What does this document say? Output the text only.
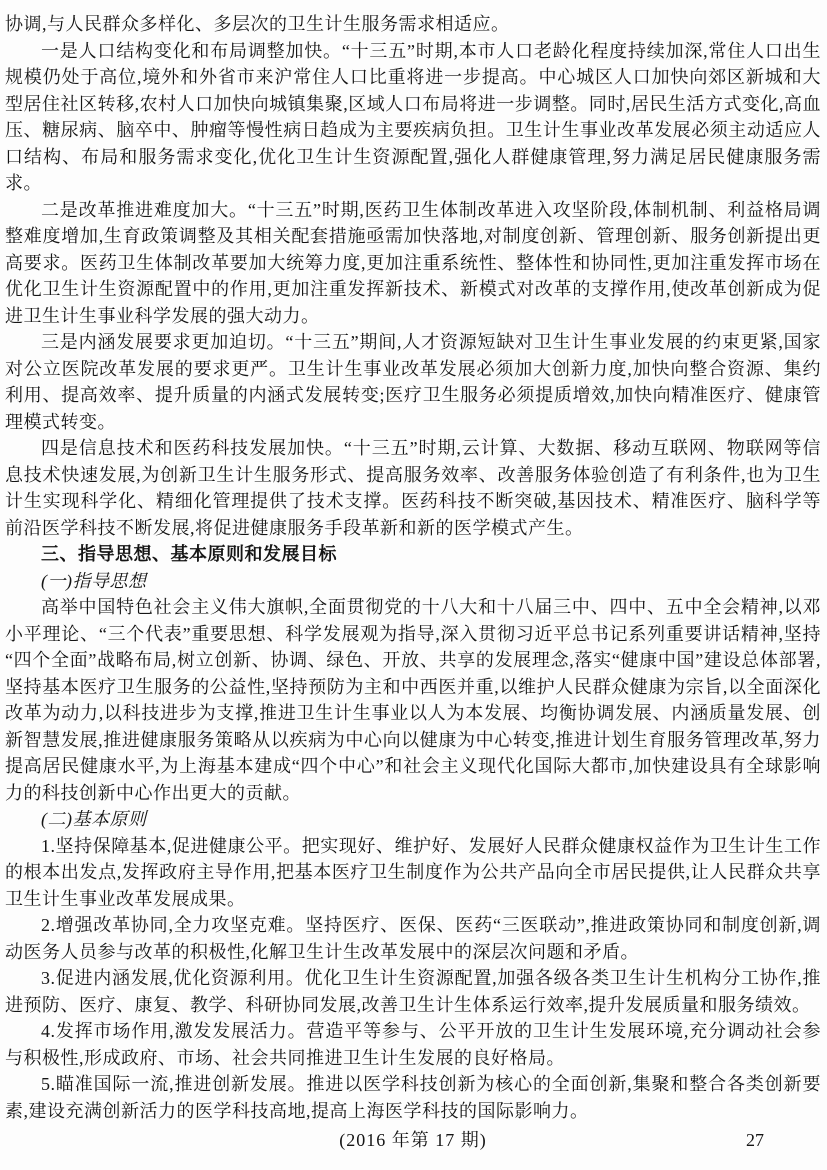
协调,与人民群众多样化、多层次的卫生计生服务需求相适应。

一是人口结构变化和布局调整加快。“十三五”时期,本市人口老龄化程度持续加深,常住人口出生规模仍处于高位,境外和外省市来沪常住人口比重将进一步提高。中心城区人口加快向郊区新城和大型居住社区转移,农村人口加快向城镇集聚,区域人口布局将进一步调整。同时,居民生活方式变化,高血压、糖尿病、脑卒中、肿瘤等慢性病日趋成为主要疾病负担。卫生计生事业改革发展必须主动适应人口结构、布局和服务需求变化,优化卫生计生资源配置,强化人群健康管理,努力满足居民健康服务需求。

二是改革推进难度加大。“十三五”时期,医药卫生体制改革进入攻坚阶段,体制机制、利益格局调整难度增加,生育政策调整及其相关配套措施亟需加快落地,对制度创新、管理创新、服务创新提出更高要求。医药卫生体制改革要加大统筹力度,更加注重系统性、整体性和协同性,更加注重发挥市场在优化卫生计生资源配置中的作用,更加注重发挥新技术、新模式对改革的支撑作用,使改革创新成为促进卫生计生事业科学发展的强大动力。

三是内涵发展要求更加迫切。“十三五”期间,人才资源短缺对卫生计生事业发展的约束更紧,国家对公立医院改革发展的要求更严。卫生计生事业改革发展必须加大创新力度,加快向整合资源、集约利用、提高效率、提升质量的内涵式发展转变;医疗卫生服务必须提质增效,加快向精准医疗、健康管理模式转变。

四是信息技术和医药科技发展加快。“十三五”时期,云计算、大数据、移动互联网、物联网等信息技术快速发展,为创新卫生计生服务形式、提高服务效率、改善服务体验创造了有利条件,也为卫生计生实现科学化、精细化管理提供了技术支撑。医药科技不断突破,基因技术、精准医疗、脑科学等前沿医学科技不断发展,将促进健康服务手段革新和新的医学模式产生。

三、指导思想、基本原则和发展目标

(一)指导思想

高举中国特色社会主义伟大旗帜,全面贯彻党的十八大和十八届三中、四中、五中全会精神,以邓小平理论、“三个代表”重要思想、科学发展观为指导,深入贯彻习近平总书记系列重要讲话精神,坚持“四个全面”战略布局,树立创新、协调、绿色、开放、共享的发展理念,落实“健康中国”建设总体部署,坚持基本医疗卫生服务的公益性,坚持预防为主和中西医并重,以维护人民群众健康为宗旨,以全面深化改革为动力,以科技进步为支撑,推进卫生计生事业以人为本发展、均衡协调发展、内涵质量发展、创新智慧发展,推进健康服务策略从以疾病为中心向以健康为中心转变,推进计划生育服务管理改革,努力提高居民健康水平,为上海基本建成“四个中心”和社会主义现代化国际大都市,加快建设具有全球影响力的科技创新中心作出更大的贡献。

(二)基本原则

1.坚持保障基本,促进健康公平。把实现好、维护好、发展好人民群众健康权益作为卫生计生工作的根本出发点,发挥政府主导作用,把基本医疗卫生制度作为公共产品向全市居民提供,让人民群众共享卫生计生事业改革发展成果。

2.增强改革协同,全力攻坚克难。坚持医疗、医保、医药“三医联动”,推进政策协同和制度创新,调动医务人员参与改革的积极性,化解卫生计生改革发展中的深层次问题和矛盾。

3.促进内涵发展,优化资源利用。优化卫生计生资源配置,加强各级各类卫生计生机构分工协作,推进预防、医疗、康复、教学、科研协同发展,改善卫生计生体系运行效率,提升发展质量和服务绩效。

4.发挥市场作用,激发发展活力。营造平等参与、公平开放的卫生计生发展环境,充分调动社会参与积极性,形成政府、市场、社会共同推进卫生计生发展的良好格局。

5.瞄准国际一流,推进创新发展。推进以医学科技创新为核心的全面创新,集聚和整合各类创新要素,建设充满创新活力的医学科技高地,提高上海医学科技的国际影响力。

(2016 年第 17 期)	27
